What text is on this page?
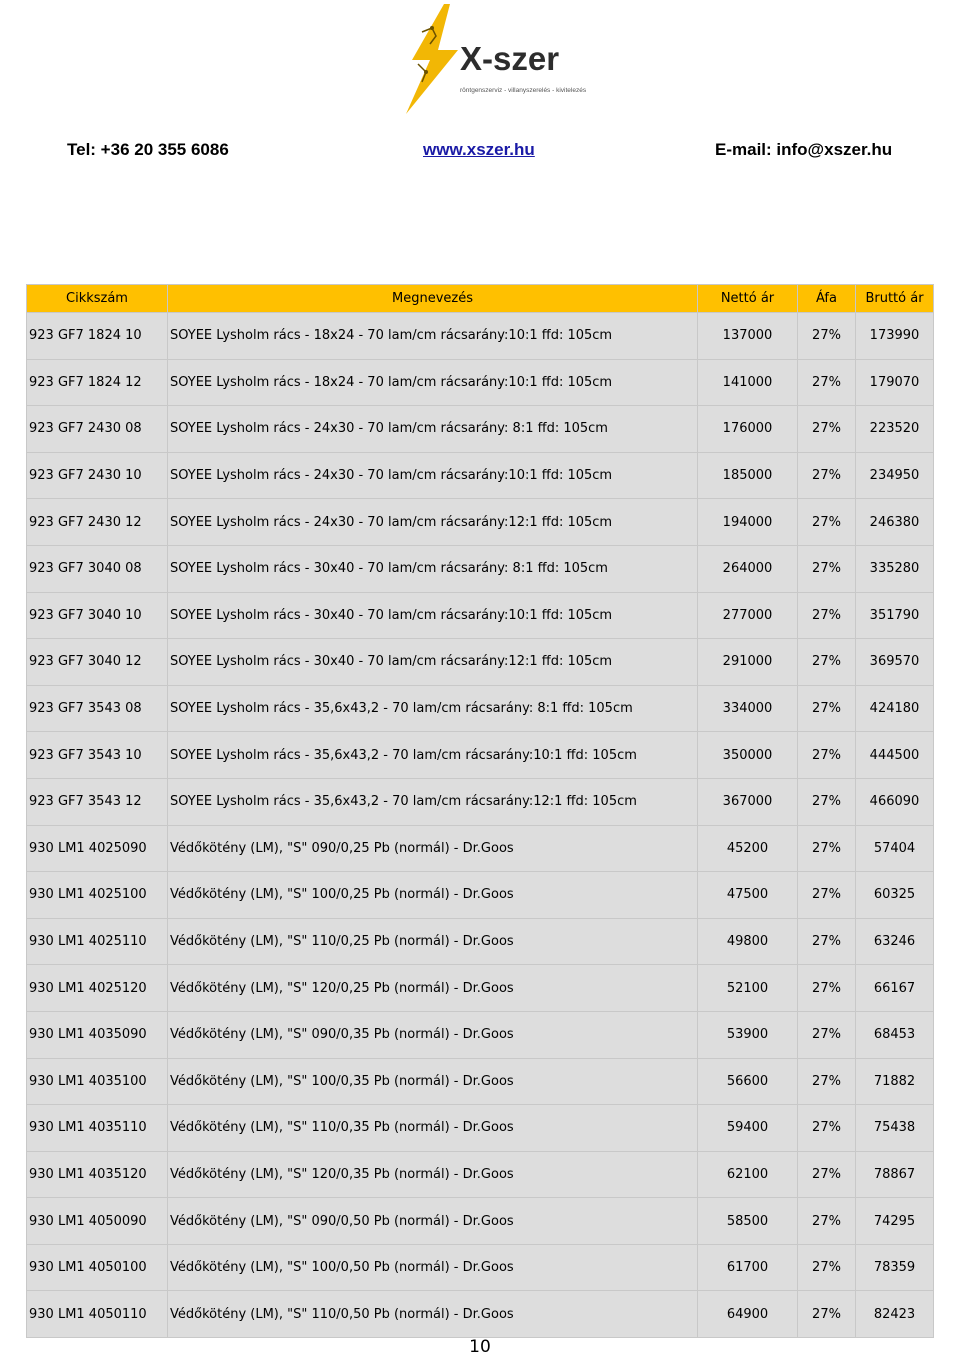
X-szer
röntgenszerviz - villanyszerelés - kivitelezés
Tel: +36 20 355 6086	www.xszer.hu	E-mail: info@xszer.hu
Cikkszám	Megnevezés	Nettó ár	Áfa	Bruttó ár
923 GF7 1824 10	SOYEE Lysholm rács - 18x24 - 70 lam/cm rácsarány:10:1 ffd: 105cm	137000	27%	173990
923 GF7 1824 12	SOYEE Lysholm rács - 18x24 - 70 lam/cm rácsarány:10:1 ffd: 105cm	141000	27%	179070
923 GF7 2430 08	SOYEE Lysholm rács - 24x30 - 70 lam/cm rácsarány: 8:1 ffd: 105cm	176000	27%	223520
923 GF7 2430 10	SOYEE Lysholm rács - 24x30 - 70 lam/cm rácsarány:10:1 ffd: 105cm	185000	27%	234950
923 GF7 2430 12	SOYEE Lysholm rács - 24x30 - 70 lam/cm rácsarány:12:1 ffd: 105cm	194000	27%	246380
923 GF7 3040 08	SOYEE Lysholm rács - 30x40 - 70 lam/cm rácsarány: 8:1 ffd: 105cm	264000	27%	335280
923 GF7 3040 10	SOYEE Lysholm rács - 30x40 - 70 lam/cm rácsarány:10:1 ffd: 105cm	277000	27%	351790
923 GF7 3040 12	SOYEE Lysholm rács - 30x40 - 70 lam/cm rácsarány:12:1 ffd: 105cm	291000	27%	369570
923 GF7 3543 08	SOYEE Lysholm rács - 35,6x43,2 - 70 lam/cm rácsarány: 8:1 ffd: 105cm	334000	27%	424180
923 GF7 3543 10	SOYEE Lysholm rács - 35,6x43,2 - 70 lam/cm rácsarány:10:1 ffd: 105cm	350000	27%	444500
923 GF7 3543 12	SOYEE Lysholm rács - 35,6x43,2 - 70 lam/cm rácsarány:12:1 ffd: 105cm	367000	27%	466090
930 LM1 4025090	Védőkötény (LM), "S" 090/0,25 Pb (normál) - Dr.Goos	45200	27%	57404
930 LM1 4025100	Védőkötény (LM), "S" 100/0,25 Pb (normál) - Dr.Goos	47500	27%	60325
930 LM1 4025110	Védőkötény (LM), "S" 110/0,25 Pb (normál) - Dr.Goos	49800	27%	63246
930 LM1 4025120	Védőkötény (LM), "S" 120/0,25 Pb (normál) - Dr.Goos	52100	27%	66167
930 LM1 4035090	Védőkötény (LM), "S" 090/0,35 Pb (normál) - Dr.Goos	53900	27%	68453
930 LM1 4035100	Védőkötény (LM), "S" 100/0,35 Pb (normál) - Dr.Goos	56600	27%	71882
930 LM1 4035110	Védőkötény (LM), "S" 110/0,35 Pb (normál) - Dr.Goos	59400	27%	75438
930 LM1 4035120	Védőkötény (LM), "S" 120/0,35 Pb (normál) - Dr.Goos	62100	27%	78867
930 LM1 4050090	Védőkötény (LM), "S" 090/0,50 Pb (normál) - Dr.Goos	58500	27%	74295
930 LM1 4050100	Védőkötény (LM), "S" 100/0,50 Pb (normál) - Dr.Goos	61700	27%	78359
930 LM1 4050110	Védőkötény (LM), "S" 110/0,50 Pb (normál) - Dr.Goos	64900	27%	82423
10
